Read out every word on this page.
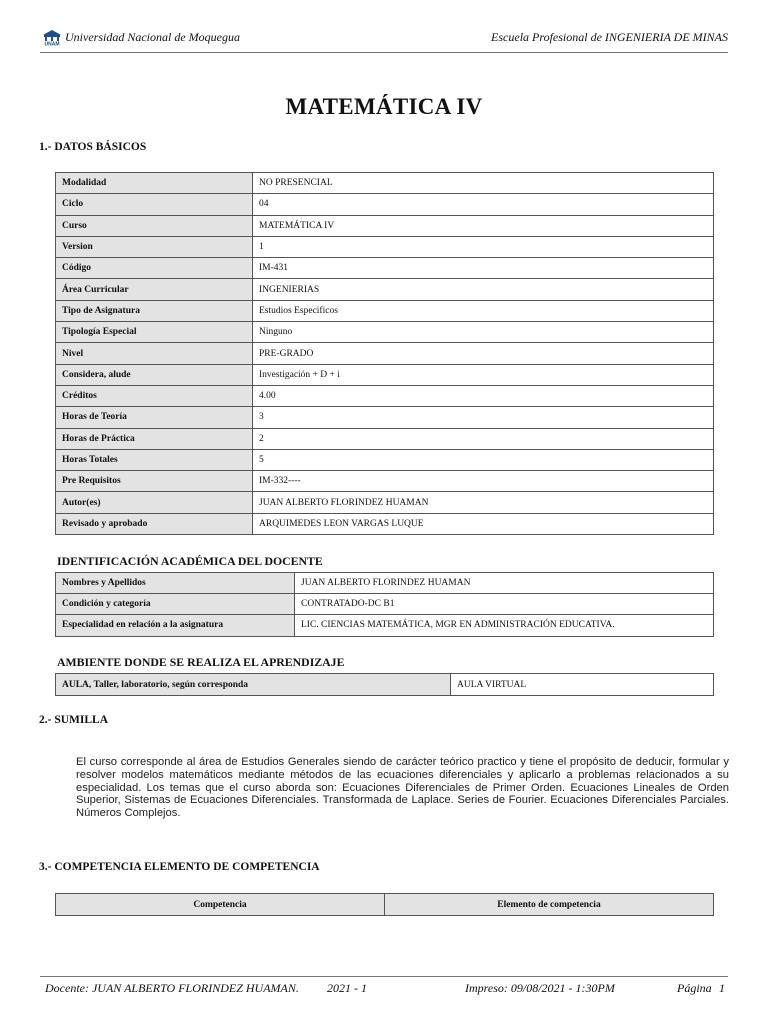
UNAM
Universidad Nacional de Moquegua	Escuela Profesional de INGENIERIA DE MINAS
MATEMÁTICA IV
1.- DATOS BÁSICOS
Modalidad	NO PRESENCIAL
Ciclo	04
Curso	MATEMÁTICA IV
Version	1
Código	IM-431
Área Curricular	INGENIERIAS
Tipo de Asignatura	Estudios Especificos
Tipología Especial	Ninguno
Nivel	PRE-GRADO
Considera, alude	Investigación + D + i
Créditos	4.00
Horas de Teoría	3
Horas de Práctica	2
Horas Totales	5
Pre Requisitos	IM-332----
Autor(es)	JUAN ALBERTO FLORINDEZ HUAMAN
Revisado y aprobado	ARQUIMEDES LEON VARGAS LUQUE
IDENTIFICACIÓN ACADÉMICA DEL DOCENTE
Nombres y Apellidos	JUAN ALBERTO FLORINDEZ HUAMAN
Condición y categoría	CONTRATADO-DC B1
Especialidad en relación a la asignatura	LIC. CIENCIAS MATEMÁTICA, MGR EN ADMINISTRACIÓN EDUCATIVA.
AMBIENTE DONDE SE REALIZA EL APRENDIZAJE
AULA, Taller, laboratorio, según corresponda	AULA VIRTUAL
2.- SUMILLA
El curso corresponde al área de Estudios Generales siendo de carácter teórico practico y tiene el propósito de deducir, formular y resolver modelos matemáticos mediante métodos de las ecuaciones diferenciales y aplicarlo a problemas relacionados a su especialidad. Los temas que el curso aborda son: Ecuaciones Diferenciales de Primer Orden. Ecuaciones Lineales de Orden Superior, Sistemas de Ecuaciones Diferenciales. Transformada de Laplace. Series de Fourier. Ecuaciones Diferenciales Parciales. Números Complejos.
3.- COMPETENCIA ELEMENTO DE COMPETENCIA
Competencia	Elemento de competencia
Docente: JUAN ALBERTO FLORINDEZ HUAMAN. 2021 - 1	Impreso: 09/08/2021 - 1:30PM	Página 1
